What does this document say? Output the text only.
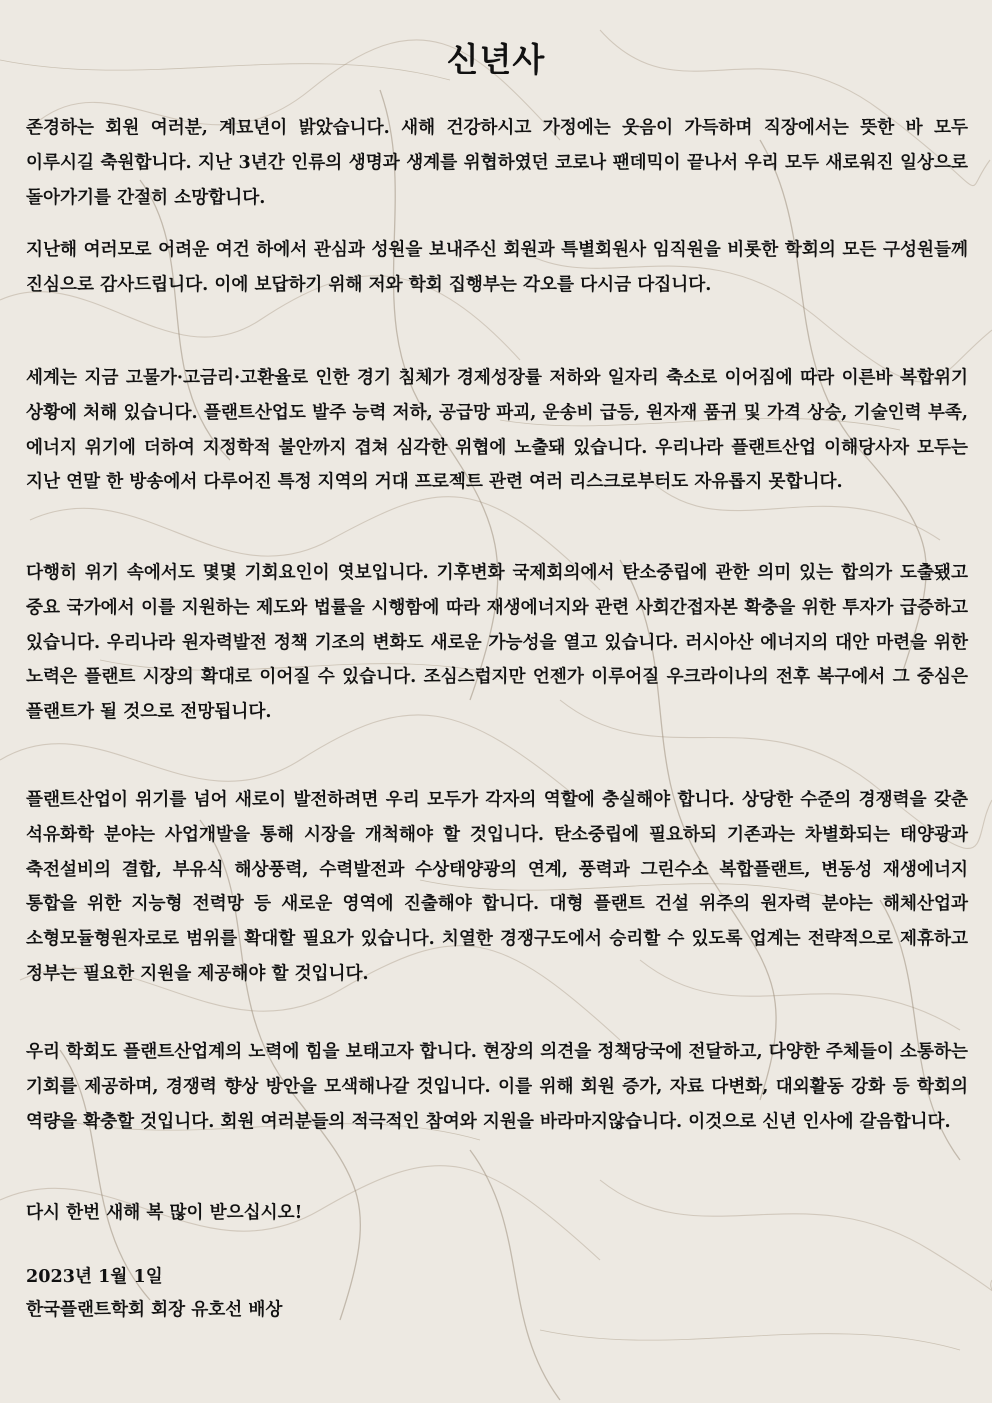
신년사

존경하는 회원 여러분, 계묘년이 밝았습니다. 새해 건강하시고 가정에는 웃음이 가득하며 직장에서는 뜻한 바 모두 이루시길 축원합니다. 지난 3년간 인류의 생명과 생계를 위협하였던 코로나 팬데믹이 끝나서 우리 모두 새로워진 일상으로 돌아가기를 간절히 소망합니다.

지난해 여러모로 어려운 여건 하에서 관심과 성원을 보내주신 회원과 특별회원사 임직원을 비롯한 학회의 모든 구성원들께 진심으로 감사드립니다. 이에 보답하기 위해 저와 학회 집행부는 각오를 다시금 다집니다.

세계는 지금 고물가·고금리·고환율로 인한 경기 침체가 경제성장률 저하와 일자리 축소로 이어짐에 따라 이른바 복합위기 상황에 처해 있습니다. 플랜트산업도 발주 능력 저하, 공급망 파괴, 운송비 급등, 원자재 품귀 및 가격 상승, 기술인력 부족, 에너지 위기에 더하여 지정학적 불안까지 겹쳐 심각한 위협에 노출돼 있습니다. 우리나라 플랜트산업 이해당사자 모두는 지난 연말 한 방송에서 다루어진 특정 지역의 거대 프로젝트 관련 여러 리스크로부터도 자유롭지 못합니다.

다행히 위기 속에서도 몇몇 기회요인이 엿보입니다. 기후변화 국제회의에서 탄소중립에 관한 의미 있는 합의가 도출됐고 중요 국가에서 이를 지원하는 제도와 법률을 시행함에 따라 재생에너지와 관련 사회간접자본 확충을 위한 투자가 급증하고 있습니다. 우리나라 원자력발전 정책 기조의 변화도 새로운 가능성을 열고 있습니다. 러시아산 에너지의 대안 마련을 위한 노력은 플랜트 시장의 확대로 이어질 수 있습니다. 조심스럽지만 언젠가 이루어질 우크라이나의 전후 복구에서 그 중심은 플랜트가 될 것으로 전망됩니다.

플랜트산업이 위기를 넘어 새로이 발전하려면 우리 모두가 각자의 역할에 충실해야 합니다. 상당한 수준의 경쟁력을 갖춘 석유화학 분야는 사업개발을 통해 시장을 개척해야 할 것입니다. 탄소중립에 필요하되 기존과는 차별화되는 태양광과 축전설비의 결합, 부유식 해상풍력, 수력발전과 수상태양광의 연계, 풍력과 그린수소 복합플랜트, 변동성 재생에너지 통합을 위한 지능형 전력망 등 새로운 영역에 진출해야 합니다. 대형 플랜트 건설 위주의 원자력 분야는 해체산업과 소형모듈형원자로로 범위를 확대할 필요가 있습니다. 치열한 경쟁구도에서 승리할 수 있도록 업계는 전략적으로 제휴하고 정부는 필요한 지원을 제공해야 할 것입니다.

우리 학회도 플랜트산업계의 노력에 힘을 보태고자 합니다. 현장의 의견을 정책당국에 전달하고, 다양한 주체들이 소통하는 기회를 제공하며, 경쟁력 향상 방안을 모색해나갈 것입니다. 이를 위해 회원 증가, 자료 다변화, 대외활동 강화 등 학회의 역량을 확충할 것입니다. 회원 여러분들의 적극적인 참여와 지원을 바라마지않습니다. 이것으로 신년 인사에 갈음합니다.

다시 한번 새해 복 많이 받으십시오!

2023년 1월 1일

한국플랜트학회 회장 유호선 배상
